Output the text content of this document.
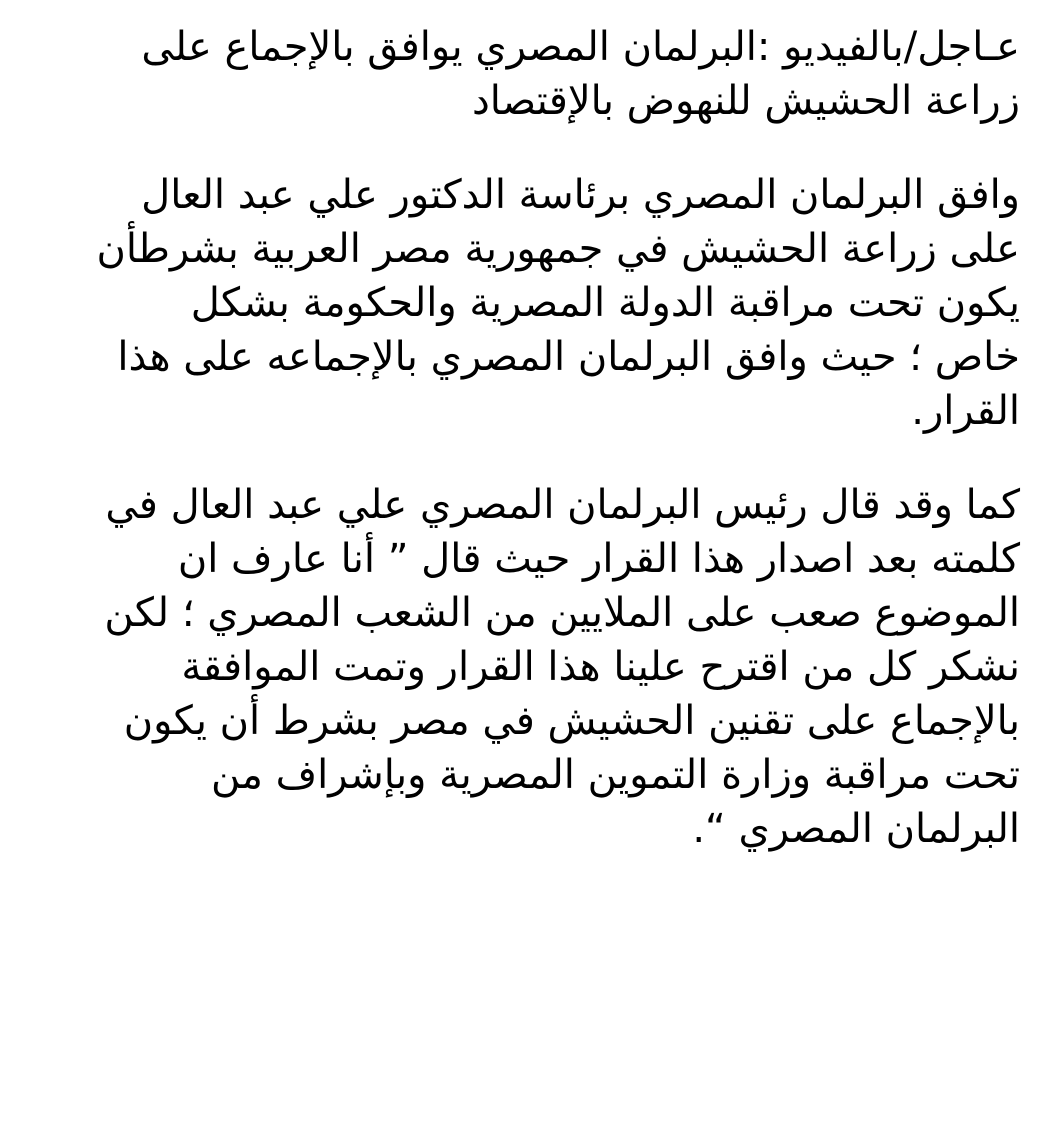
عـاجل/بالفيديو :البرلمان المصري يوافق بالإجماع على
زراعة الحشيش للنهوض بالإقتصاد
وافق البرلمان المصري برئاسة الدكتور علي عبد العال
على زراعة الحشيش في جمهورية مصر العربية بشرطأن
يكون تحت مراقبة الدولة المصرية والحكومة بشكل
خاص ؛ حيث وافق البرلمان المصري بالإجماعه على هذا
القرار.
كما وقد قال رئيس البرلمان المصري علي عبد العال في
كلمته بعد اصدار هذا القرار حيث قال ” أنا عارف ان
الموضوع صعب على الملايين من الشعب المصري ؛ لكن
نشكر كل من اقترح علينا هذا القرار وتمت الموافقة
بالإجماع على تقنين الحشيش في مصر بشرط أن يكون
تحت مراقبة وزارة التموين المصرية وبإشراف من
البرلمان المصري “.
